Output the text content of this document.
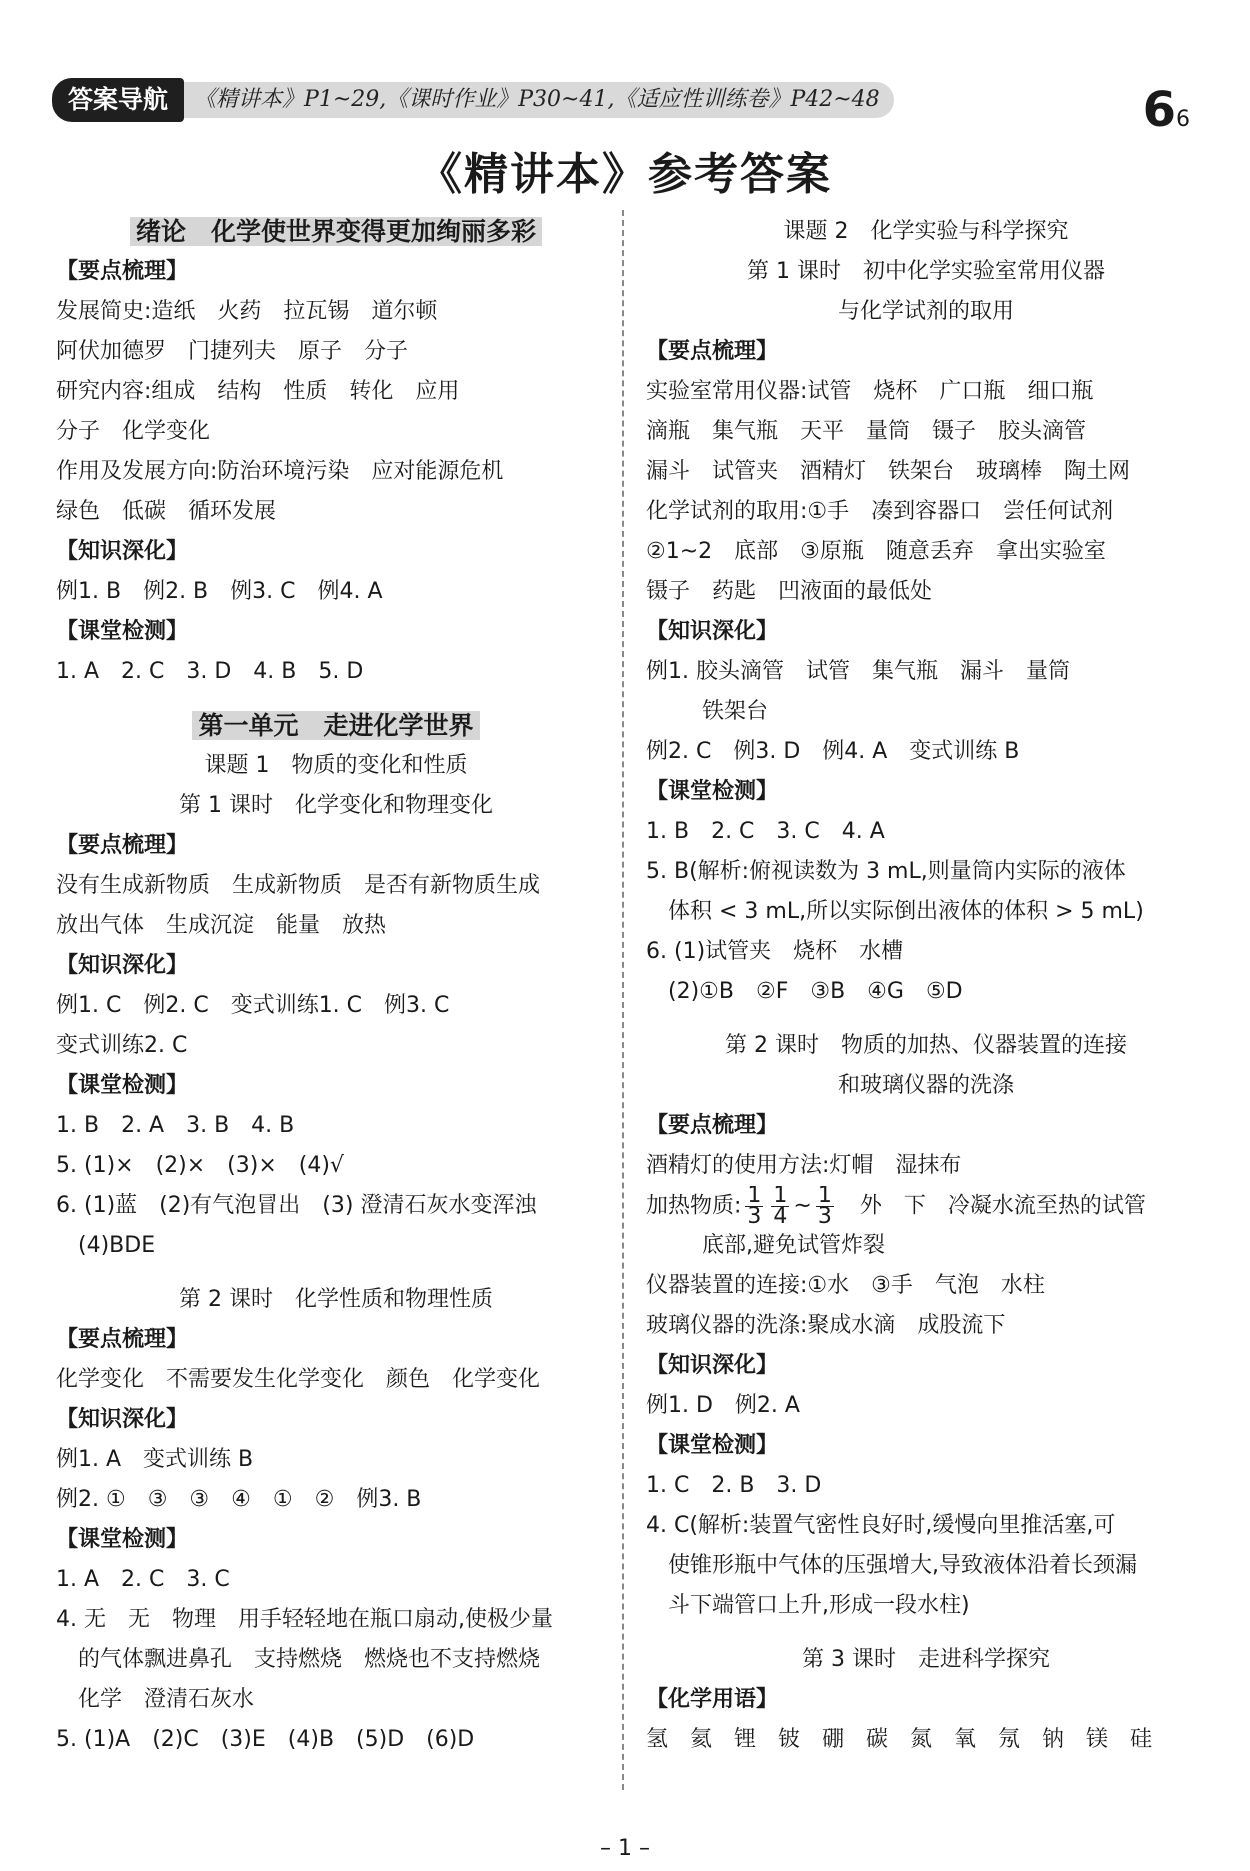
答案导航	《精讲本》P1~29,《课时作业》P30~41,《适应性训练卷》P42~48	66
《精讲本》参考答案
绪论　化学使世界变得更加绚丽多彩
【要点梳理】
发展简史:造纸　火药　拉瓦锡　道尔顿
阿伏加德罗　门捷列夫　原子　分子
研究内容:组成　结构　性质　转化　应用
分子　化学变化
作用及发展方向:防治环境污染　应对能源危机
绿色　低碳　循环发展
【知识深化】
例1. B　例2. B　例3. C　例4. A
【课堂检测】
1. A　2. C　3. D　4. B　5. D
第一单元　走进化学世界
课题 1　物质的变化和性质
第 1 课时　化学变化和物理变化
【要点梳理】
没有生成新物质　生成新物质　是否有新物质生成
放出气体　生成沉淀　能量　放热
【知识深化】
例1. C　例2. C　变式训练1. C　例3. C
变式训练2. C
【课堂检测】
1. B　2. A　3. B　4. B
5. (1)×　(2)×　(3)×　(4)√
6. (1)蓝　(2)有气泡冒出　(3) 澄清石灰水变浑浊
(4)BDE
第 2 课时　化学性质和物理性质
【要点梳理】
化学变化　不需要发生化学变化　颜色　化学变化
【知识深化】
例1. A　变式训练 B
例2. ①　③　③　④　①　②　例3. B
【课堂检测】
1. A　2. C　3. C
4. 无　无　物理　用手轻轻地在瓶口扇动,使极少量
的气体飘进鼻孔　支持燃烧　燃烧也不支持燃烧
化学　澄清石灰水
5. (1)A　(2)C　(3)E　(4)B　(5)D　(6)D
课题 2　化学实验与科学探究
第 1 课时　初中化学实验室常用仪器
与化学试剂的取用
【要点梳理】
实验室常用仪器:试管　烧杯　广口瓶　细口瓶
滴瓶　集气瓶　天平　量筒　镊子　胶头滴管
漏斗　试管夹　酒精灯　铁架台　玻璃棒　陶土网
化学试剂的取用:①手　凑到容器口　尝任何试剂
②1~2　底部　③原瓶　随意丢弃　拿出实验室
镊子　药匙　凹液面的最低处
【知识深化】
例1. 胶头滴管　试管　集气瓶　漏斗　量筒
铁架台
例2. C　例3. D　例4. A　变式训练 B
【课堂检测】
1. B　2. C　3. C　4. A
5. B(解析:俯视读数为 3 mL,则量筒内实际的液体
体积 < 3 mL,所以实际倒出液体的体积 > 5 mL)
6. (1)试管夹　烧杯　水槽
(2)①B　②F　③B　④G　⑤D
第 2 课时　物质的加热、仪器装置的连接
和玻璃仪器的洗涤
【要点梳理】
酒精灯的使用方法:灯帽　湿抹布
加热物质: $\frac{1}{3} \frac{1}{4}$ ~ $\frac{1}{3}$ 　外　下　冷凝水流至热的试管
底部,避免试管炸裂
仪器装置的连接:①水　③手　气泡　水柱
玻璃仪器的洗涤:聚成水滴　成股流下
【知识深化】
例1. D　例2. A
【课堂检测】
1. C　2. B　3. D
4. C(解析:装置气密性良好时,缓慢向里推活塞,可
使锥形瓶中气体的压强增大,导致液体沿着长颈漏
斗下端管口上升,形成一段水柱)
第 3 课时　走进科学探究
【化学用语】
氢　氦　锂　铍　硼　碳　氮　氧　氖　钠　镁　硅
– 1 –
